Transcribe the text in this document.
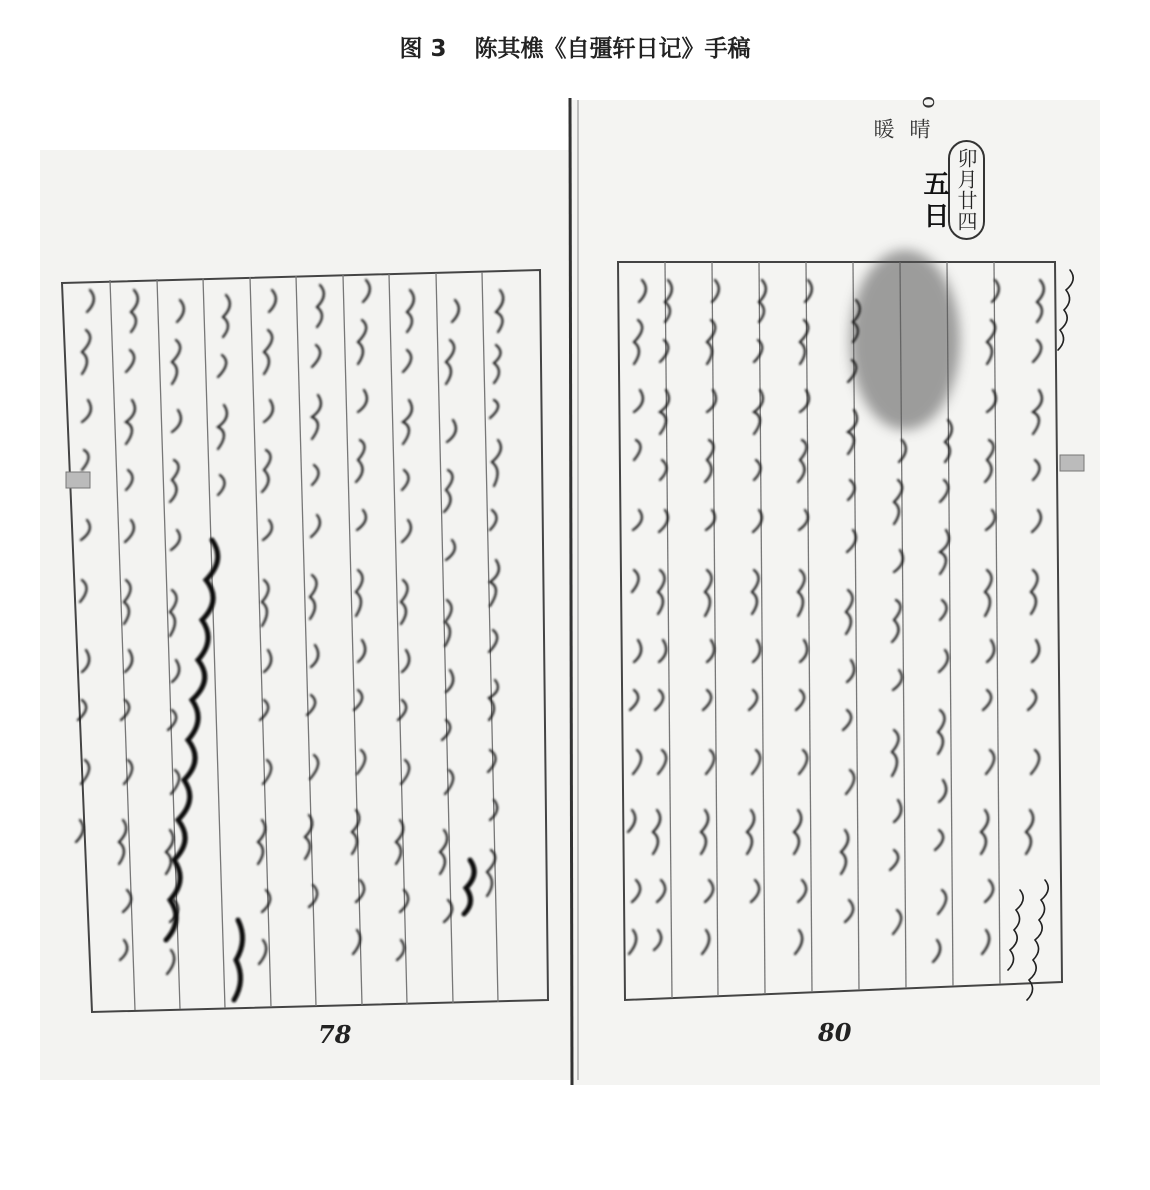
图 3 陈其樵《自彊轩日记》手稿
晴
暖
o
卯月廿四
五日
78	80
